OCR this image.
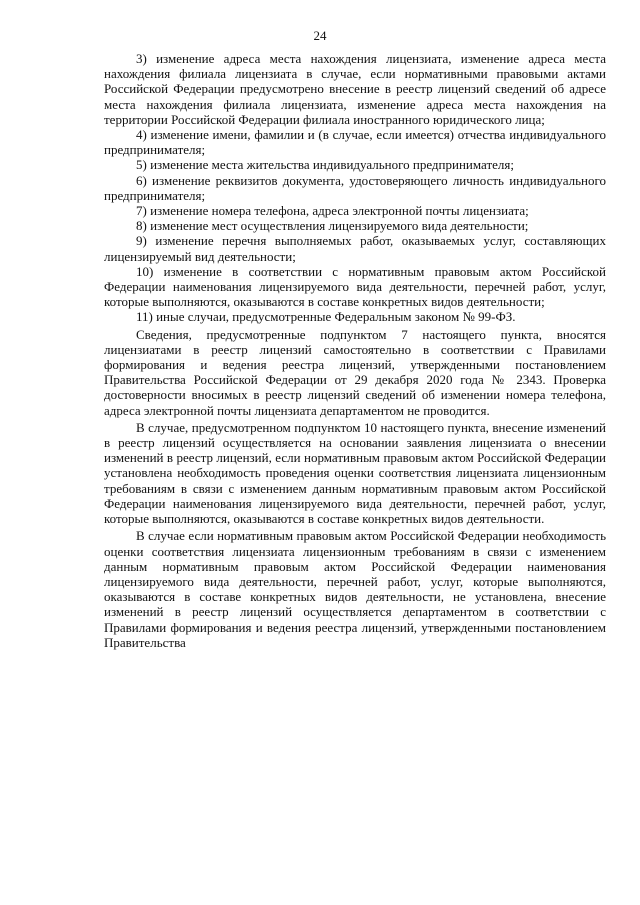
24

3) изменение адреса места нахождения лицензиата, изменение адреса места нахождения филиала лицензиата в случае, если нормативными правовыми актами Российской Федерации предусмотрено внесение в реестр лицензий сведений об адресе места нахождения филиала лицензиата, изменение адреса места нахождения на территории Российской Федерации филиала иностранного юридического лица;

4) изменение имени, фамилии и (в случае, если имеется) отчества индивидуального предпринимателя;

5) изменение места жительства индивидуального предпринимателя;

6) изменение реквизитов документа, удостоверяющего личность индивидуального предпринимателя;

7) изменение номера телефона, адреса электронной почты лицензиата;

8) изменение мест осуществления лицензируемого вида деятельности;

9) изменение перечня выполняемых работ, оказываемых услуг, составляющих лицензируемый вид деятельности;

10) изменение в соответствии с нормативным правовым актом Российской Федерации наименования лицензируемого вида деятельности, перечней работ, услуг, которые выполняются, оказываются в составе конкретных видов деятельности;

11) иные случаи, предусмотренные Федеральным законом № 99-ФЗ.

Сведения, предусмотренные подпунктом 7 настоящего пункта, вносятся лицензиатами в реестр лицензий самостоятельно в соответствии с Правилами формирования и ведения реестра лицензий, утвержденными постановлением Правительства Российской Федерации от 29 декабря 2020 года № 2343. Проверка достоверности вносимых в реестр лицензий сведений об изменении номера телефона, адреса электронной почты лицензиата департаментом не проводится.

В случае, предусмотренном подпунктом 10 настоящего пункта, внесение изменений в реестр лицензий осуществляется на основании заявления лицензиата о внесении изменений в реестр лицензий, если нормативным правовым актом Российской Федерации установлена необходимость проведения оценки соответствия лицензиата лицензионным требованиям в связи с изменением данным нормативным правовым актом Российской Федерации наименования лицензируемого вида деятельности, перечней работ, услуг, которые выполняются, оказываются в составе конкретных видов деятельности.

В случае если нормативным правовым актом Российской Федерации необходимость оценки соответствия лицензиата лицензионным требованиям в связи с изменением данным нормативным правовым актом Российской Федерации наименования лицензируемого вида деятельности, перечней работ, услуг, которые выполняются, оказываются в составе конкретных видов деятельности, не установлена, внесение изменений в реестр лицензий осуществляется департаментом в соответствии с Правилами формирования и ведения реестра лицензий, утвержденными постановлением Правительства
